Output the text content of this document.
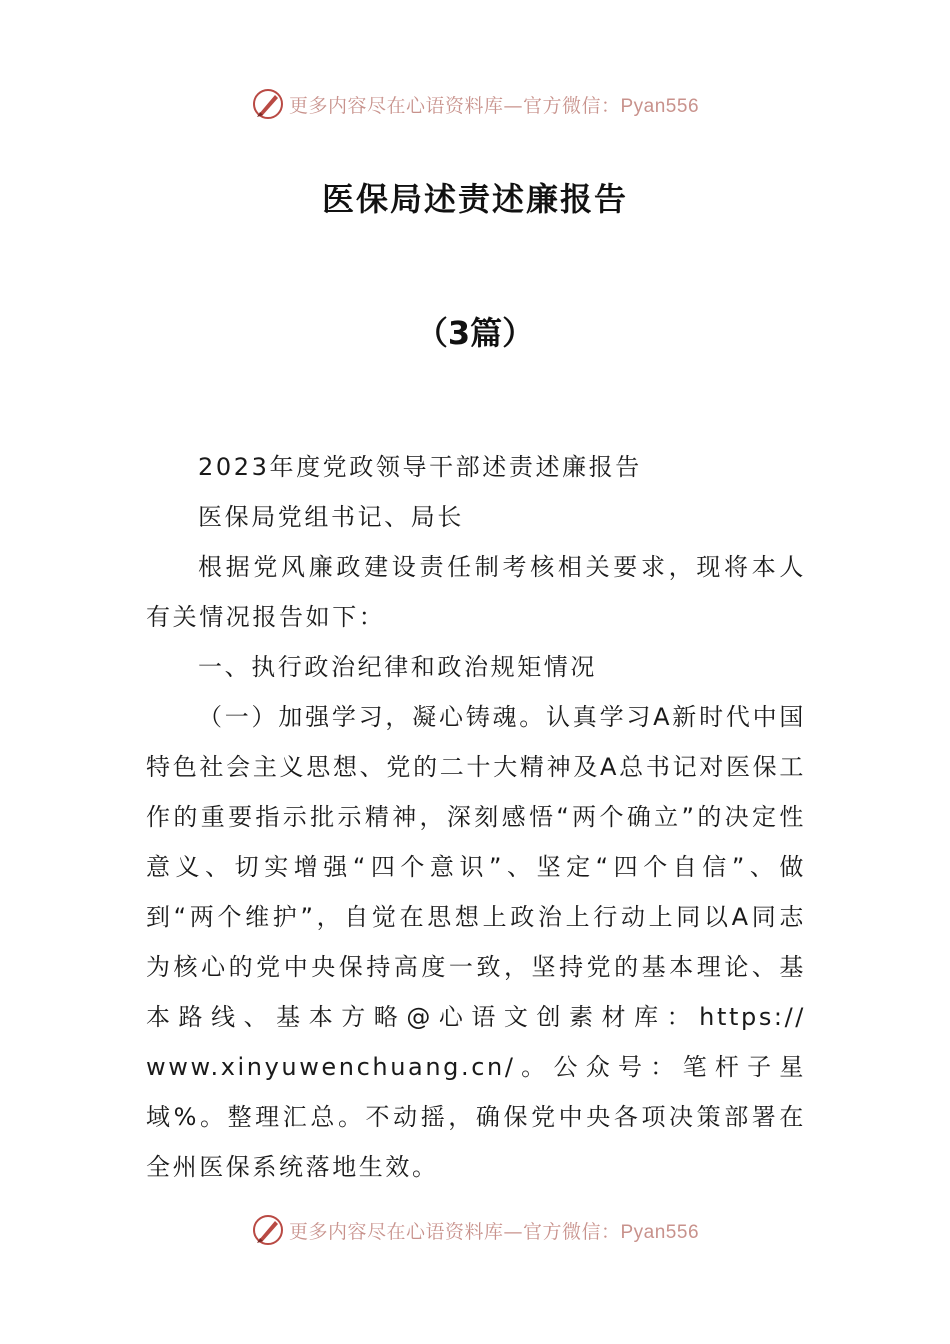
更多内容尽在心语资料库—官方微信：Pyan556
医保局述责述廉报告
（3篇）

2023年度党政领导干部述责述廉报告

医保局党组书记、局长

根据党风廉政建设责任制考核相关要求，现将本人有关情况报告如下：

一、执行政治纪律和政治规矩情况

（一）加强学习，凝心铸魂。认真学习A新时代中国特色社会主义思想、党的二十大精神及A总书记对医保工作的重要指示批示精神，深刻感悟“两个确立”的决定性意义、切实增强“四个意识”、坚定“四个自信”、做到“两个维护”，自觉在思想上政治上行动上同以A同志为核心的党中央保持高度一致，坚持党的基本理论、基本路线、基本方略@心语文创素材库：https://

www.xinyuwenchuang.cn/。公众号：笔杆子星域%。整理汇总。不动摇，确保党中央各项决策部署在全州医保系统落地生效。

更多内容尽在心语资料库—官方微信：Pyan556
